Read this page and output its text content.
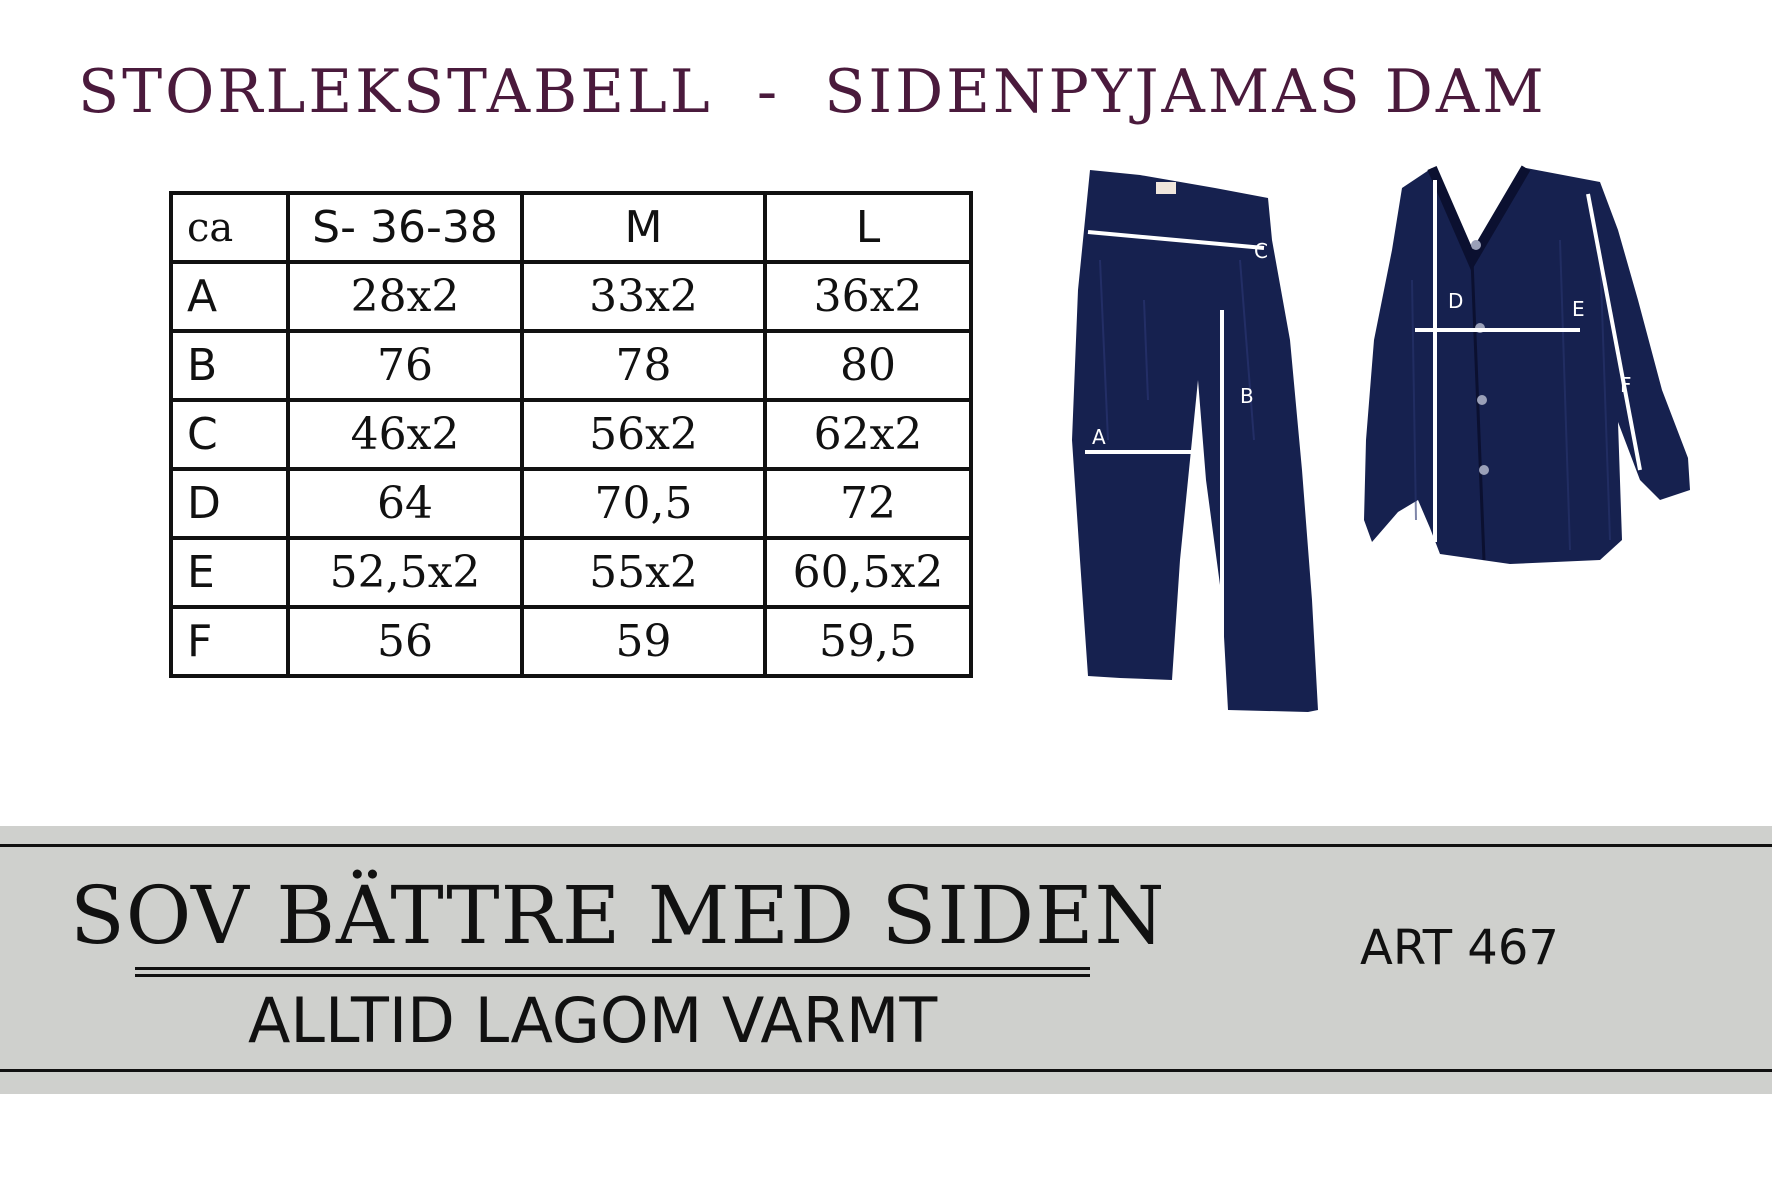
STORLEKSTABELL  -  SIDENPYJAMAS DAM
ca	S- 36-38	M	L
A	28x2	33x2	36x2
B	76	78	80
C	46x2	56x2	62x2
D	64	70,5	72
E	52,5x2	55x2	60,5x2
F	56	59	59,5
C
B
A
D	E
F
SOV BÄTTRE MED SIDEN
ALLTID LAGOM VARMT
ART 467
